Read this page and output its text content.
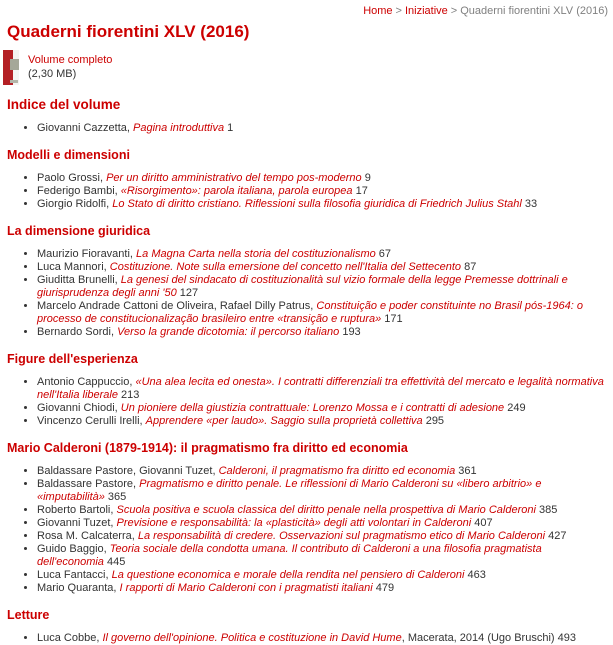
Home > Iniziative > Quaderni fiorentini XLV (2016)
Quaderni fiorentini XLV (2016)
Volume completo
(2,30 MB)
Indice del volume
• Giovanni Cazzetta, Pagina introduttiva 1
Modelli e dimensioni
• Paolo Grossi, Per un diritto amministrativo del tempo pos-moderno 9
• Federigo Bambi, «Risorgimento»: parola italiana, parola europea 17
• Giorgio Ridolfi, Lo Stato di diritto cristiano. Riflessioni sulla filosofia giuridica di Friedrich Julius Stahl 33
La dimensione giuridica
• Maurizio Fioravanti, La Magna Carta nella storia del costituzionalismo 67
• Luca Mannori, Costituzione. Note sulla emersione del concetto nell'Italia del Settecento 87
• Giuditta Brunelli, La genesi del sindacato di costituzionalità sul vizio formale della legge Premesse dottrinali e giurisprudenza degli anni '50 127
• Marcelo Andrade Cattoni de Oliveira, Rafael Dilly Patrus, Constituição e poder constituinte no Brasil pós-1964: o processo de constitucionalização brasileiro entre «transição e ruptura» 171
• Bernardo Sordi, Verso la grande dicotomia: il percorso italiano 193
Figure dell'esperienza
• Antonio Cappuccio, «Una alea lecita ed onesta». I contratti differenziali tra effettività del mercato e legalità normativa nell'Italia liberale 213
• Giovanni Chiodi, Un pioniere della giustizia contrattuale: Lorenzo Mossa e i contratti di adesione 249
• Vincenzo Cerulli Irelli, Apprendere «per laudo». Saggio sulla proprietà collettiva 295
Mario Calderoni (1879-1914): il pragmatismo fra diritto ed economia
• Baldassare Pastore, Giovanni Tuzet, Calderoni, il pragmatismo fra diritto ed economia 361
• Baldassare Pastore, Pragmatismo e diritto penale. Le riflessioni di Mario Calderoni su «libero arbitrio» e «imputabilità» 365
• Roberto Bartoli, Scuola positiva e scuola classica del diritto penale nella prospettiva di Mario Calderoni 385
• Giovanni Tuzet, Previsione e responsabilità: la «plasticità» degli atti volontari in Calderoni 407
• Rosa M. Calcaterra, La responsabilità di credere. Osservazioni sul pragmatismo etico di Mario Calderoni 427
• Guido Baggio, Teoria sociale della condotta umana. Il contributo di Calderoni a una filosofia pragmatista dell'economia 445
• Luca Fantacci, La questione economica e morale della rendita nel pensiero di Calderoni 463
• Mario Quaranta, I rapporti di Mario Calderoni con i pragmatisti italiani 479
Letture
• Luca Cobbe, Il governo dell'opinione. Politica e costituzione in David Hume, Macerata, 2014 (Ugo Bruschi) 493
